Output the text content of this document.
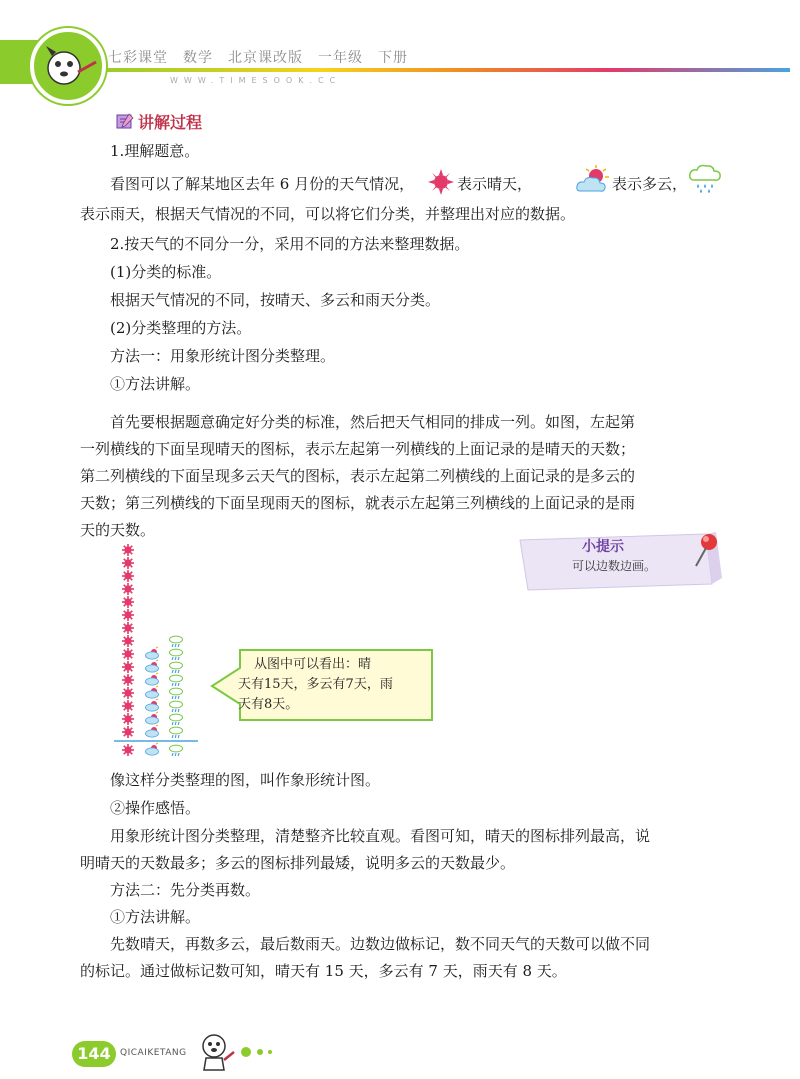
七彩课堂　数学　北京课改版　一年级　下册
WWW.TIMESOOK.CC
讲解过程
1.理解题意。
看图可以了解某地区去年 6 月份的天气情况，	表示晴天，	表示多云，
表示雨天，根据天气情况的不同，可以将它们分类，并整理出对应的数据。
2.按天气的不同分一分，采用不同的方法来整理数据。
(1)分类的标准。
根据天气情况的不同，按晴天、多云和雨天分类。
(2)分类整理的方法。
方法一：用象形统计图分类整理。
①方法讲解。
首先要根据题意确定好分类的标准，然后把天气相同的排成一列。如图，左起第
一列横线的下面呈现晴天的图标，表示左起第一列横线的上面记录的是晴天的天数；
第二列横线的下面呈现多云天气的图标，表示左起第二列横线的上面记录的是多云的
天数；第三列横线的下面呈现雨天的图标，就表示左起第三列横线的上面记录的是雨
天的天数。
小提示
可以边数边画。
从图中可以看出：晴
天有15天，多云有7天，雨
天有8天。
像这样分类整理的图，叫作象形统计图。
②操作感悟。
用象形统计图分类整理，清楚整齐比较直观。看图可知，晴天的图标排列最高，说
明晴天的天数最多；多云的图标排列最矮，说明多云的天数最少。
方法二：先分类再数。
①方法讲解。
先数晴天，再数多云，最后数雨天。边数边做标记，数不同天气的天数可以做不同
的标记。通过做标记数可知，晴天有 15 天，多云有 7 天，雨天有 8 天。
144	QICAIKETANG
